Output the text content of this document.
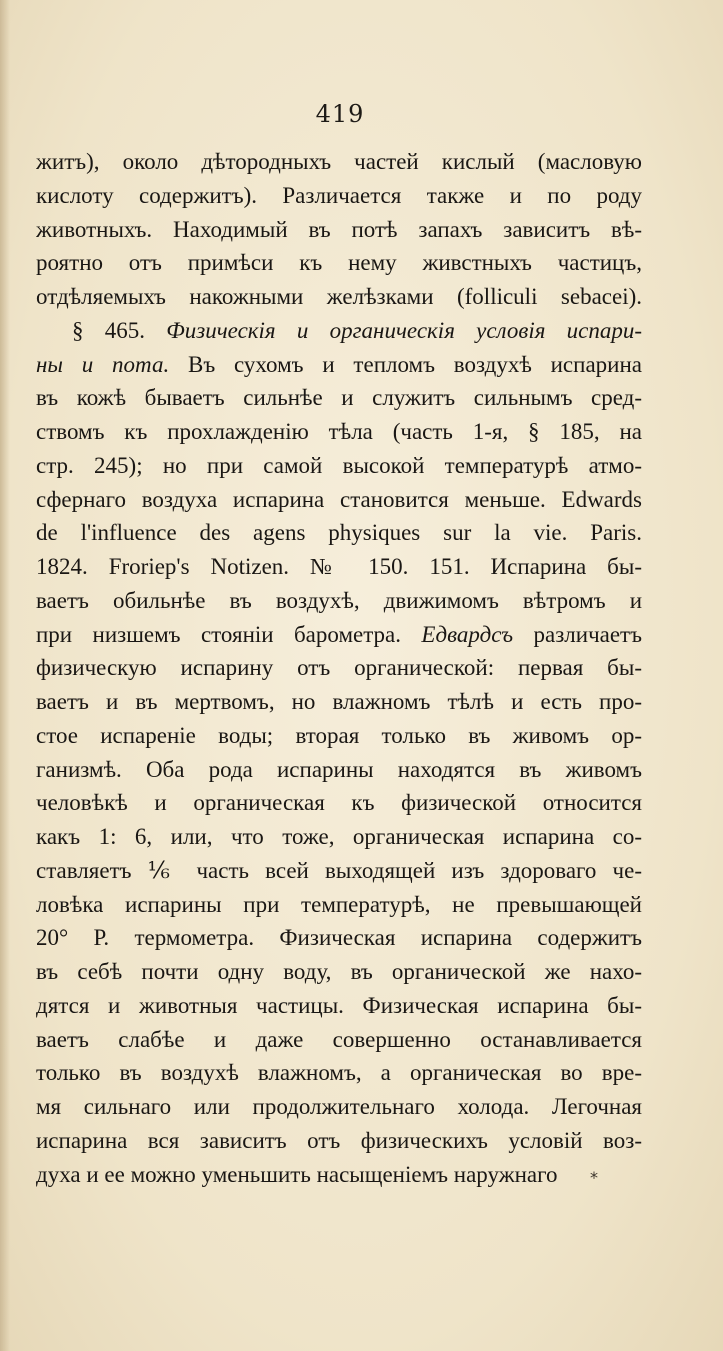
419
житъ), около дѣтородныхъ частей кислый (масловую
кислоту содержитъ). Различается также и по роду
животныхъ. Находимый въ потѣ запахъ зависитъ вѣ-
роятно отъ примѣси къ нему живстныхъ частицъ,
отдѣляемыхъ накожными желѣзками (folliculi sebacei).
§ 465. Физическія и органическія условія испари-
ны и пота. Въ сухомъ и тепломъ воздухѣ испарина
въ кожѣ бываетъ сильнѣе и служитъ сильнымъ сред-
ствомъ къ прохлажденію тѣла (часть 1-я, § 185, на
стр. 245); но при самой высокой температурѣ атмо-
сфернаго воздуха испарина становится меньше. Edwards
de l'influence des agens physiques sur la vie. Paris.
1824. Froriep's Notizen. № 150. 151. Испарина бы-
ваетъ обильнѣе въ воздухѣ, движимомъ вѣтромъ и
при низшемъ стояніи барометра. Едвардсъ различаетъ
физическую испарину отъ органической: первая бы-
ваетъ и въ мертвомъ, но влажномъ тѣлѣ и есть про-
стое испареніе воды; вторая только въ живомъ ор-
ганизмѣ. Оба рода испарины находятся въ живомъ
человѣкѣ и органическая къ физической относится
какъ 1: 6, или, что тоже, органическая испарина со-
ставляетъ ⅙ часть всей выходящей изъ здороваго че-
ловѣка испарины при температурѣ, не превышающей
20° Р. термометра. Физическая испарина содержитъ
въ себѣ почти одну воду, въ органической же нахо-
дятся и животныя частицы. Физическая испарина бы-
ваетъ слабѣе и даже совершенно останавливается
только въ воздухѣ влажномъ, а органическая во вре-
мя сильнаго или продолжительнаго холода. Легочная
испарина вся зависитъ отъ физическихъ условій воз-
духа и ее можно уменьшить насыщеніемъ наружнаго	*
